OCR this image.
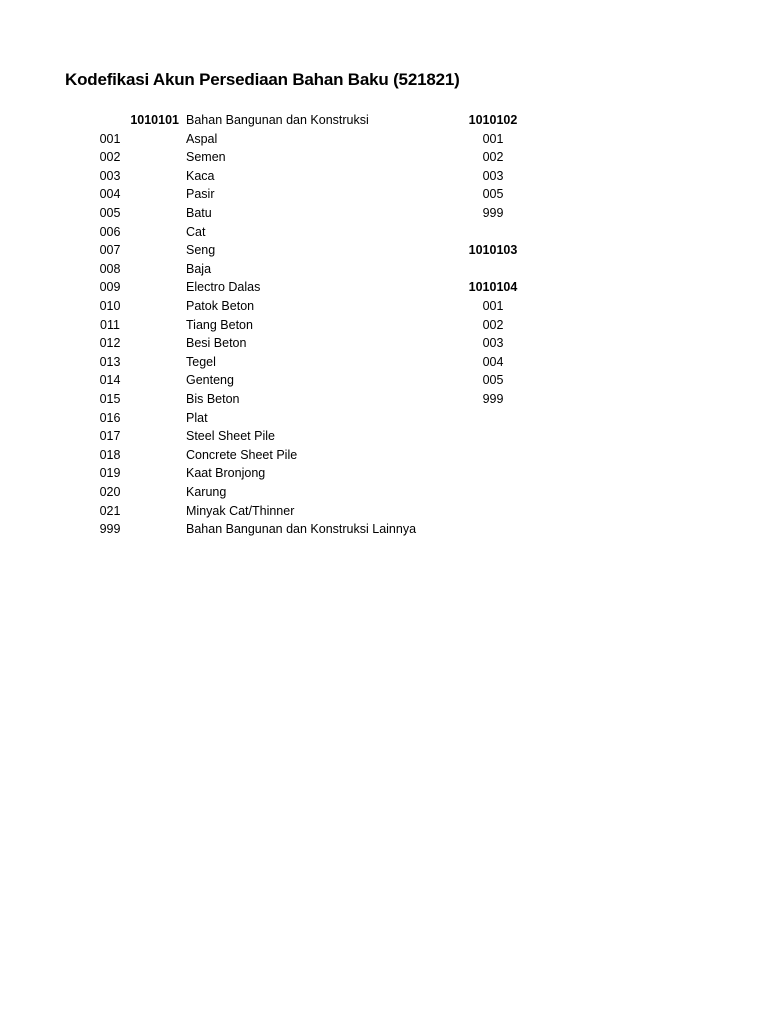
Kodefikasi Akun Persediaan Bahan Baku (521821)
1010101 Bahan Bangunan dan Konstruksi
001	Aspal
002	Semen
003	Kaca
004	Pasir
005	Batu
006	Cat
007	Seng
008	Baja
009	Electro Dalas
010	Patok Beton
011	Tiang Beton
012	Besi Beton
013	Tegel
014	Genteng
015	Bis Beton
016	Plat
017	Steel Sheet Pile
018	Concrete Sheet Pile
019	Kaat Bronjong
020	Karung
021	Minyak Cat/Thinner
999	Bahan Bangunan dan Konstruksi Lainnya
1010102
001
002
003
005
999
1010103
1010104
001
002
003
004
005
999
